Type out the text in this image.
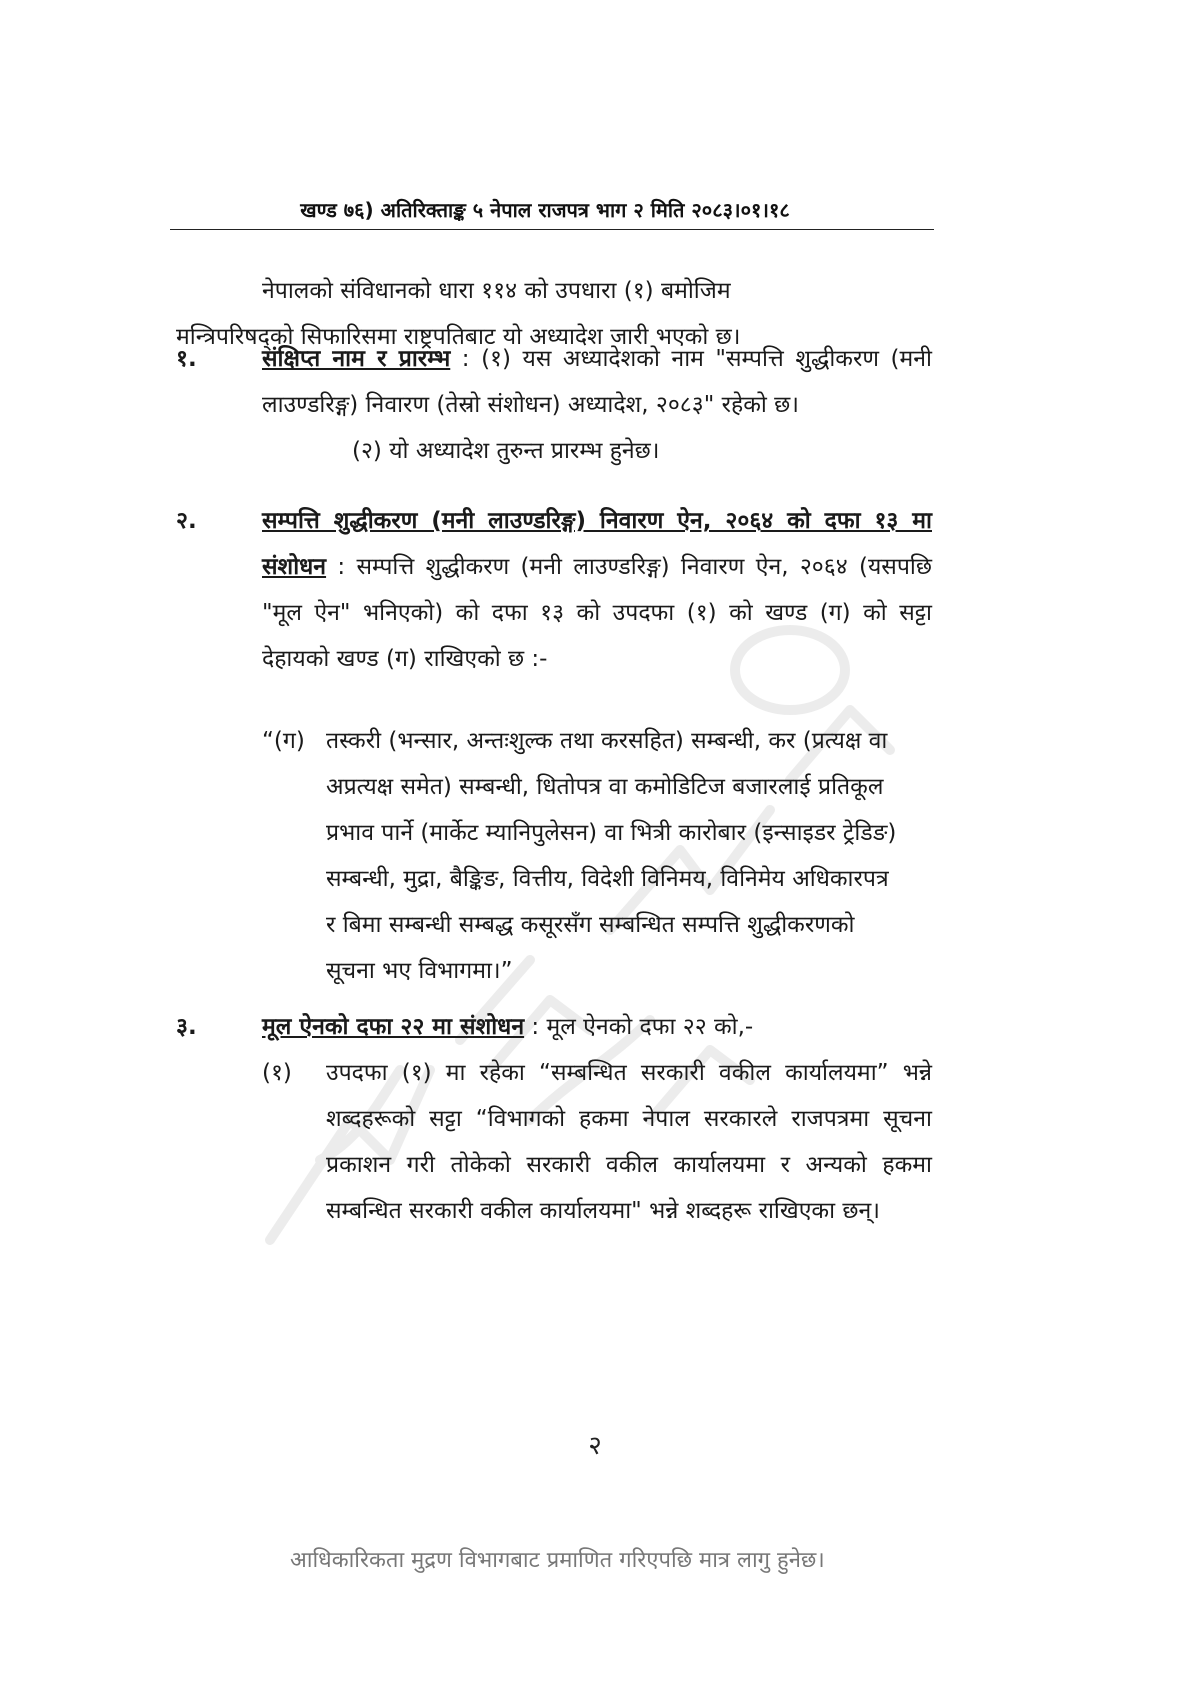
खण्ड ७६) अतिरिक्ताङ्क ५ नेपाल राजपत्र भाग २ मिति २०८३।०१।१८
नेपालको संविधानको धारा ११४ को उपधारा (१) बमोजिम
मन्त्रिपरिषद्‌को सिफारिसमा राष्ट्रपतिबाट यो अध्यादेश जारी भएको छ।
१.	संक्षिप्त नाम र प्रारम्भ : (१) यस अध्यादेशको नाम "सम्पत्ति शुद्धीकरण (मनी लाउण्डरिङ्ग) निवारण (तेस्रो संशोधन) अध्यादेश, २०८३" रहेको छ।
(२) यो अध्यादेश तुरुन्त प्रारम्भ हुनेछ।
२.	सम्पत्ति शुद्धीकरण (मनी लाउण्डरिङ्ग) निवारण ऐन, २०६४ को दफा १३ मा संशोधन : सम्पत्ति शुद्धीकरण (मनी लाउण्डरिङ्ग) निवारण ऐन, २०६४ (यसपछि "मूल ऐन" भनिएको) को दफा १३ को उपदफा (१) को खण्ड (ग) को सट्टा देहायको खण्ड (ग) राखिएको छ :-
“(ग) तस्करी (भन्सार, अन्तःशुल्क तथा करसहित) सम्बन्धी, कर (प्रत्यक्ष वा अप्रत्यक्ष समेत) सम्बन्धी, धितोपत्र वा कमोडिटिज बजारलाई प्रतिकूल प्रभाव पार्ने (मार्केट म्यानिपुलेसन) वा भित्री कारोबार (इन्साइडर ट्रेडिङ) सम्बन्धी, मुद्रा, बैङ्किङ, वित्तीय, विदेशी विनिमय, विनिमेय अधिकारपत्र र बिमा सम्बन्धी सम्बद्ध कसूरसँग सम्बन्धित सम्पत्ति शुद्धीकरणको सूचना भए विभागमा।”
३.	मूल ऐनको दफा २२ मा संशोधन : मूल ऐनको दफा २२ को,-
(१) उपदफा (१) मा रहेका “सम्बन्धित सरकारी वकील कार्यालयमा” भन्ने शब्दहरूको सट्टा “विभागको हकमा नेपाल सरकारले राजपत्रमा सूचना प्रकाशन गरी तोकेको सरकारी वकील कार्यालयमा र अन्यको हकमा सम्बन्धित सरकारी वकील कार्यालयमा" भन्ने शब्दहरू राखिएका छन्।
२
आधिकारिकता मुद्रण विभागबाट प्रमाणित गरिएपछि मात्र लागु हुनेछ।
